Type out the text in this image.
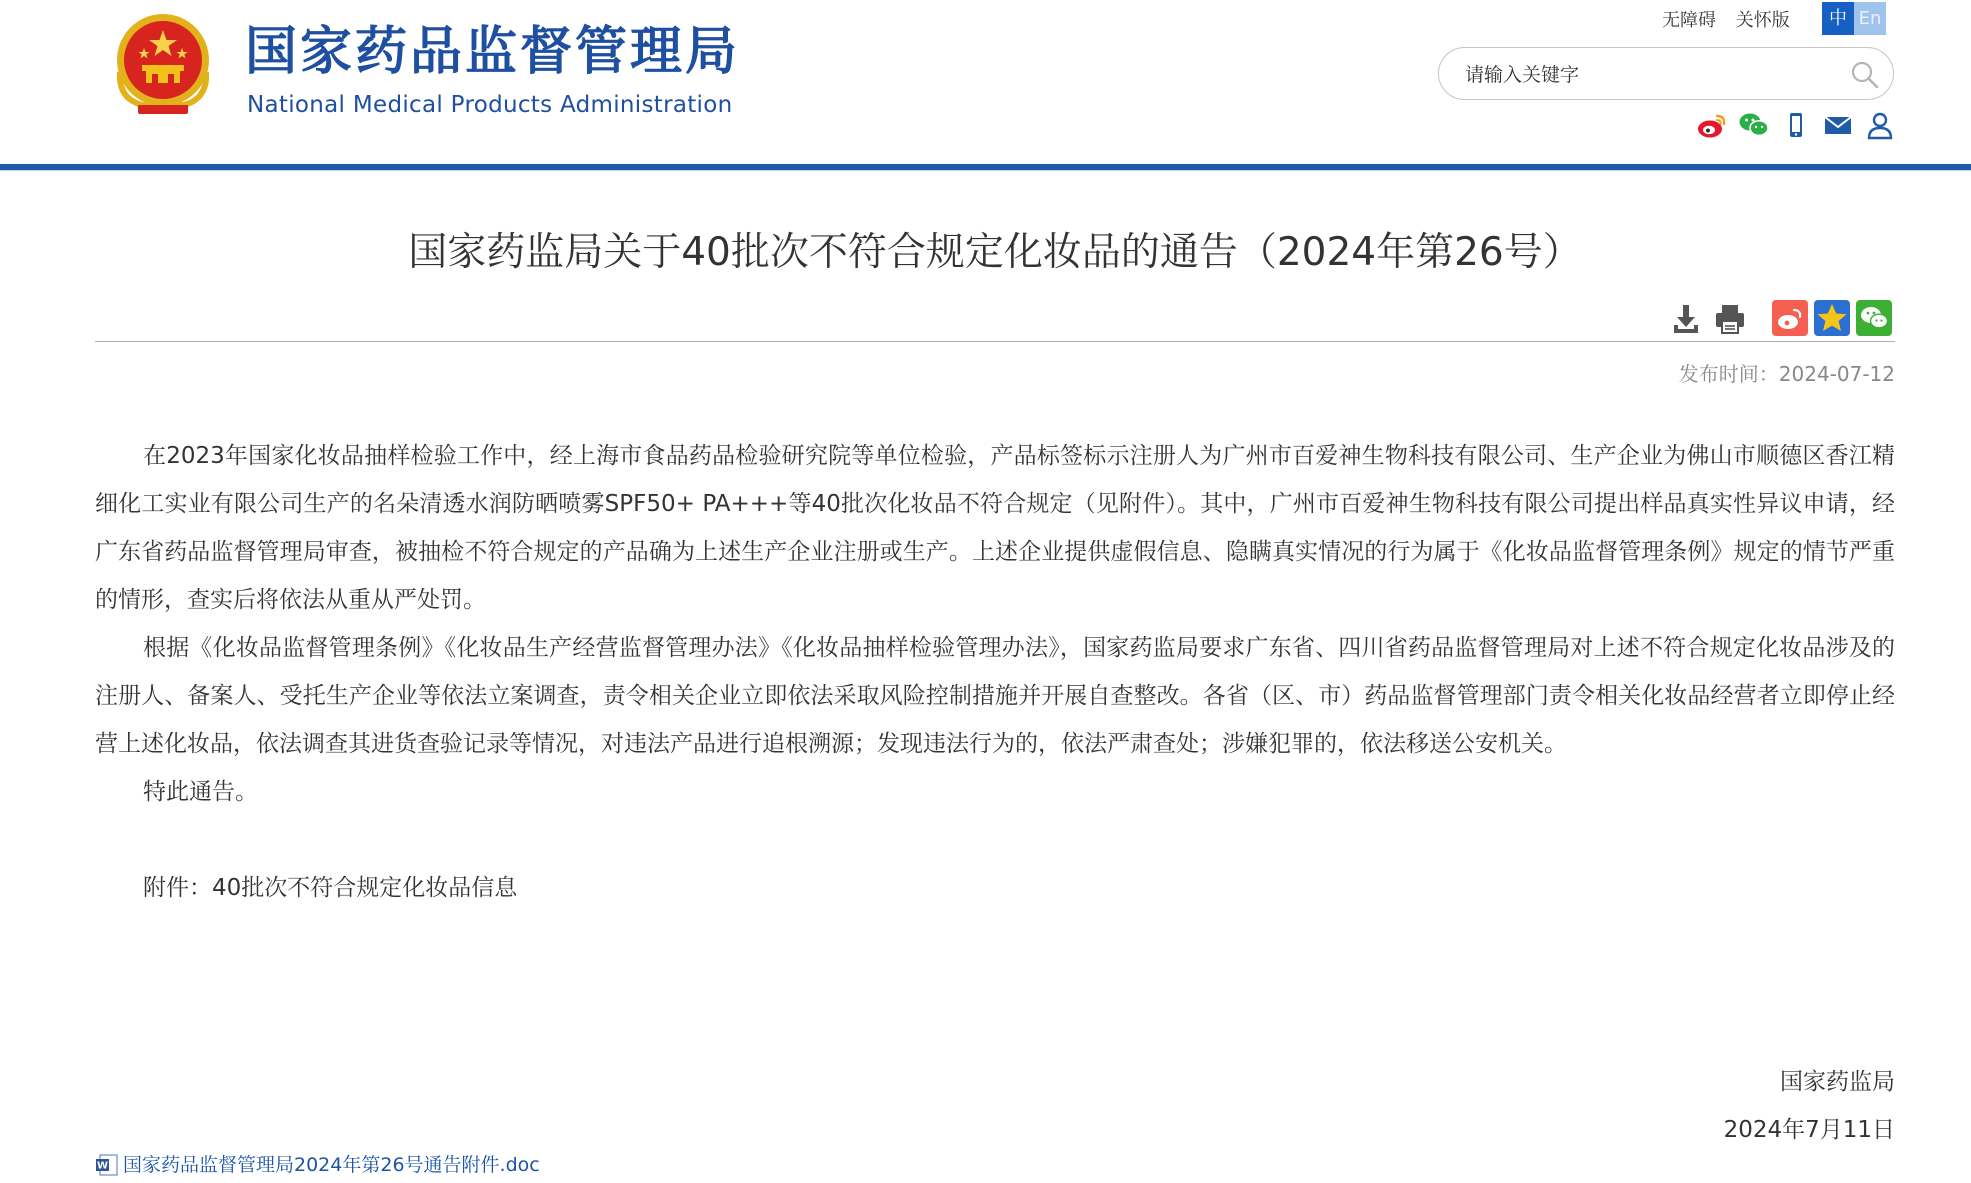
国家药品监督管理局
National Medical Products Administration
无障碍 关怀版	中 En
请输入关键字
国家药监局关于40批次不符合规定化妆品的通告（2024年第26号）
发布时间：2024-07-12

在2023年国家化妆品抽样检验工作中，经上海市食品药品检验研究院等单位检验，产品标签标示注册人为广州市百爱神生物科技有限公司、生产企业为佛山市顺德区香江精细化工实业有限公司生产的名朵清透水润防晒喷雾SPF50+ PA+++等40批次化妆品不符合规定（见附件）。其中，广州市百爱神生物科技有限公司提出样品真实性异议申请，经广东省药品监督管理局审查，被抽检不符合规定的产品确为上述生产企业注册或生产。上述企业提供虚假信息、隐瞒真实情况的行为属于《化妆品监督管理条例》规定的情节严重的情形，查实后将依法从重从严处罚。

根据《化妆品监督管理条例》《化妆品生产经营监督管理办法》《化妆品抽样检验管理办法》，国家药监局要求广东省、四川省药品监督管理局对上述不符合规定化妆品涉及的注册人、备案人、受托生产企业等依法立案调查，责令相关企业立即依法采取风险控制措施并开展自查整改。各省（区、市）药品监督管理部门责令相关化妆品经营者立即停止经营上述化妆品，依法调查其进货查验记录等情况，对违法产品进行追根溯源；发现违法行为的，依法严肃查处；涉嫌犯罪的，依法移送公安机关。

特此通告。

附件：40批次不符合规定化妆品信息

国家药监局
2024年7月11日
W 国家药品监督管理局2024年第26号通告附件.doc
